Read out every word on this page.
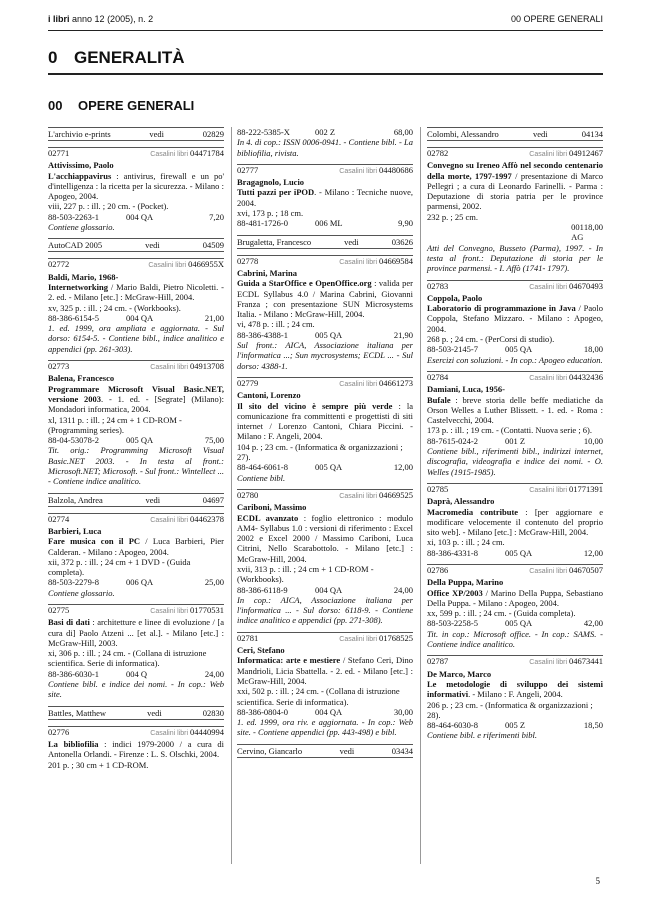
i libri anno 12 (2005), n. 2	00 OPERE GENERALI
0 GENERALITÀ
00 OPERE GENERALI
L'archivio e-prints	vedi	02829
02771	Casalini libri 04471784
Attivissimo, Paolo
L'acchiappavirus : antivirus, firewall e un po' d'intelligenza : la ricetta per la sicurezza. - Milano : Apogeo, 2004.
viii, 227 p. : ill. ; 20 cm. - (Pocket).
88-503-2263-1	004 QA	7,20
Contiene glossario.
AutoCAD 2005	vedi	04509
02772	Casalini libri 0466955X
Baldi, Mario, 1968-
Internetworking / Mario Baldi, Pietro Nicoletti. - 2. ed. - Milano [etc.] : McGraw-Hill, 2004.
xv, 325 p. : ill. ; 24 cm. - (Workbooks).
88-386-6154-5	004 QA	21,00
1. ed. 1999, ora ampliata e aggiornata. - Sul dorso: 6154-5. - Contiene bibl., indice analitico e appendici (pp. 261-303).
02773	Casalini libri 04913708
Balena, Francesco
Programmare Microsoft Visual Basic.NET, versione 2003. - 1. ed. - [Segrate] (Milano): Mondadori informatica, 2004.
xl, 1311 p. : ill. ; 24 cm + 1 CD-ROM - (Programming series).
88-04-53078-2	005 QA	75,00
Tit. orig.: Programming Microsoft Visual Basic.NET 2003. - In testa al front.: Microsoft.NET; Microsoft. - Sul front.: Wintellect ... - Contiene indice analitico.
Balzola, Andrea	vedi	04697
02774	Casalini libri 04462378
Barbieri, Luca
Fare musica con il PC / Luca Barbieri, Pier Calderan. - Milano : Apogeo, 2004.
xii, 372 p. : ill. ; 24 cm + 1 DVD - (Guida completa).
88-503-2279-8	006 QA	25,00
Contiene glossario.
02775	Casalini libri 01770531
Basi di dati : architetture e linee di evoluzione / [a cura di] Paolo Atzeni ... [et al.]. - Milano [etc.] : McGraw-Hill, 2003.
xi, 306 p. : ill. ; 24 cm. - (Collana di istruzione scientifica. Serie di informatica).
88-386-6030-1	004 Q	24,00
Contiene bibl. e indice dei nomi. - In cop.: Web site.
Battles, Matthew	vedi	02830
02776	Casalini libri 04440994
La bibliofilia : indici 1979-2000 / a cura di Antonella Orlandi. - Firenze : L. S. Olschki, 2004.
201 p. ; 30 cm + 1 CD-ROM.
88-222-5385-X	002 Z	68,00
In 4. di cop.: ISSN 0006-0941. - Contiene bibl. - La bibliofilia, rivista.
02777	Casalini libri 04480686
Bragagnolo, Lucio
Tutti pazzi per iPOD. - Milano : Tecniche nuove, 2004.
xvi, 173 p. ; 18 cm.
88-481-1726-0	006 ML	9,90
Brugaletta, Francesco	vedi	03626
02778	Casalini libri 04669584
Cabrini, Marina
Guida a StarOffice e OpenOffice.org : valida per ECDL Syllabus 4.0 / Marina Cabrini, Giovanni Franza ; con presentazione SUN Microsystems Italia. - Milano : McGraw-Hill, 2004.
vi, 478 p. : ill. ; 24 cm.
88-386-4388-1	005 QA	21,90
Sul front.: AICA, Associazione italiana per l'informatica ...; Sun mycrosystems; ECDL ... - Sul dorso: 4388-1.
02779	Casalini libri 04661273
Cantoni, Lorenzo
Il sito del vicino è sempre più verde : la comunicazione fra committenti e progettisti di siti internet / Lorenzo Cantoni, Chiara Piccini. - Milano : F. Angeli, 2004.
104 p. ; 23 cm. - (Informatica & organizzazioni ; 27).
88-464-6061-8	005 QA	12,00
Contiene bibl.
02780	Casalini libri 04669525
Cariboni, Massimo
ECDL avanzato : foglio elettronico : modulo AM4- Syllabus 1.0 : versioni di riferimento : Excel 2002 e Excel 2000 / Massimo Cariboni, Luca Citrini, Nello Scarabottolo. - Milano [etc.] : McGraw-Hill, 2004.
xvii, 313 p. : ill. ; 24 cm + 1 CD-ROM - (Workbooks).
88-386-6118-9	004 QA	24,00
In cop.: AICA, Associazione italiana per l'informatica ... - Sul dorso: 6118-9. - Contiene indice analitico e appendici (pp. 271-308).
02781	Casalini libri 01768525
Ceri, Stefano
Informatica: arte e mestiere / Stefano Ceri, Dino Mandrioli, Licia Sbattella. - 2. ed. - Milano [etc.] : McGraw-Hill, 2004.
xxi, 502 p. : ill. ; 24 cm. - (Collana di istruzione scientifica. Serie di informatica).
88-386-0804-0	004 QA	30,00
1. ed. 1999, ora riv. e aggiornata. - In cop.: Web site. - Contiene appendici (pp. 443-498) e bibl.
Cervino, Giancarlo	vedi	03434
Colombi, Alessandro	vedi	04134
02782	Casalini libri 04912467
Convegno su Ireneo Affò nel secondo centenario della morte, 1797-1997 / presentazione di Marco Pellegri ; a cura di Leonardo Farinelli. - Parma : Deputazione di storia patria per le province parmensi, 2002.
232 p. ; 25 cm.
001 AG
18,00
Atti del Convegno, Busseto (Parma), 1997. - In testa al front.: Deputazione di storia per le province parmensi. - I. Affò (1741- 1797).
02783	Casalini libri 04670493
Coppola, Paolo
Laboratorio di programmazione in Java / Paolo Coppola, Stefano Mizzaro. - Milano : Apogeo, 2004.
268 p. ; 24 cm. - (PerCorsi di studio).
88-503-2145-7	005 QA	18,00
Esercizi con soluzioni. - In cop.: Apogeo education.
02784	Casalini libri 04432436
Damiani, Luca, 1956-
Bufale : breve storia delle beffe mediatiche da Orson Welles a Luther Blissett. - 1. ed. - Roma : Castelvecchi, 2004.
173 p. : ill. ; 19 cm. - (Contatti. Nuova serie ; 6).
88-7615-024-2	001 Z	10,00
Contiene bibl., riferimenti bibl., indirizzi internet, discografia, videografia e indice dei nomi. - O. Welles (1915-1985).
02785	Casalini libri 01771391
Daprà, Alessandro
Macromedia contribute : [per aggiornare e modificare velocemente il contenuto del proprio sito web]. - Milano [etc.] : McGraw-Hill, 2004.
xi, 103 p. : ill. ; 24 cm.
88-386-4331-8	005 QA	12,00
02786	Casalini libri 04670507
Della Puppa, Marino
Office XP/2003 / Marino Della Puppa, Sebastiano Della Puppa. - Milano : Apogeo, 2004.
xx, 599 p. : ill. ; 24 cm. - (Guida completa).
88-503-2258-5	005 QA	42,00
Tit. in cop.: Microsoft office. - In cop.: SAMS. - Contiene indice analitico.
02787	Casalini libri 04673441
De Marco, Marco
Le metodologie di sviluppo dei sistemi informativi. - Milano : F. Angeli, 2004.
206 p. ; 23 cm. - (Informatica & organizzazioni ; 28).
88-464-6030-8	005 Z	18,50
Contiene bibl. e riferimenti bibl.
5
